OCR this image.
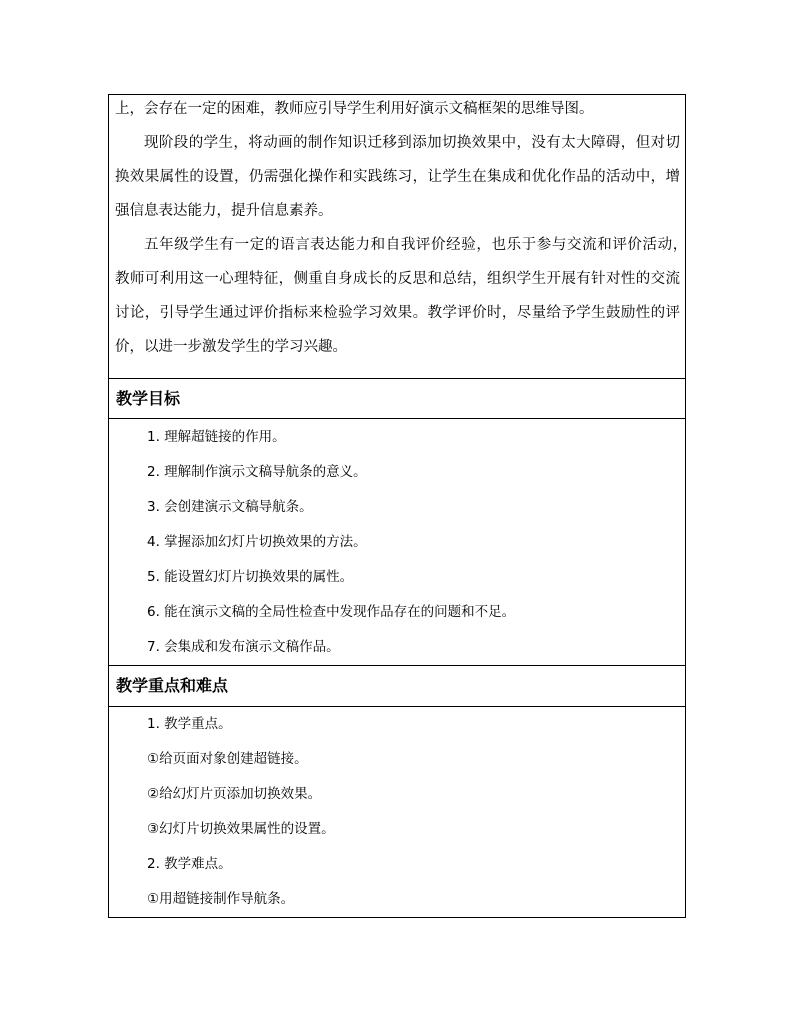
上，会存在一定的困难，教师应引导学生利用好演示文稿框架的思维导图。

现阶段的学生，将动画的制作知识迁移到添加切换效果中，没有太大障碍，但对切　换效果属性的设置，仍需强化操作和实践练习，让学生在集成和优化作品的活动中，增　强信息表达能力，提升信息素养。

五年级学生有一定的语言表达能力和自我评价经验，也乐于参与交流和评价活动，　教师可利用这一心理特征，侧重自身成长的反思和总结，组织学生开展有针对性的交流　讨论，引导学生通过评价指标来检验学习效果。教学评价时，尽量给予学生鼓励性的评　价，以进一步激发学生的学习兴趣。

教学目标

1. 理解超链接的作用。

2. 理解制作演示文稿导航条的意义。

3. 会创建演示文稿导航条。

4. 掌握添加幻灯片切换效果的方法。

5. 能设置幻灯片切换效果的属性。

6. 能在演示文稿的全局性检查中发现作品存在的问题和不足。

7. 会集成和发布演示文稿作品。

教学重点和难点

1. 教学重点。

①给页面对象创建超链接。

②给幻灯片页添加切换效果。

③幻灯片切换效果属性的设置。

2. 教学难点。

①用超链接制作导航条。
